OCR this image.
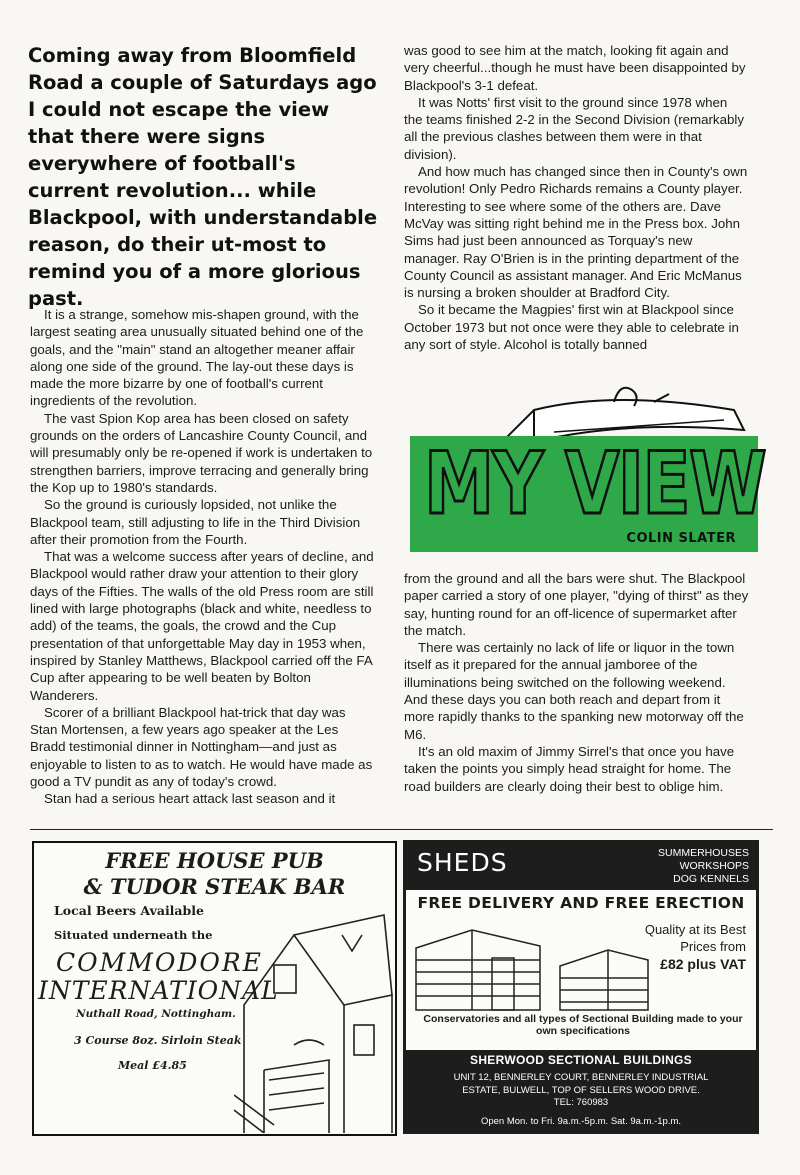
Coming away from Bloomfield Road a couple of Saturdays ago I could not escape the view that there were signs everywhere of football's current revolution... while Blackpool, with understandable reason, do their ut-most to remind you of a more glorious past.

It is a strange, somehow mis-shapen ground, with the largest seating area unusually situated behind one of the goals, and the "main" stand an altogether meaner affair along one side of the ground. The lay-out these days is made the more bizarre by one of football's current ingredients of the revolution.

The vast Spion Kop area has been closed on safety grounds on the orders of Lancashire County Council, and will presumably only be re-opened if work is undertaken to strengthen barriers, improve terracing and generally bring the Kop up to 1980's standards.

So the ground is curiously lopsided, not unlike the Blackpool team, still adjusting to life in the Third Division after their promotion from the Fourth.

That was a welcome success after years of decline, and Blackpool would rather draw your attention to their glory days of the Fifties. The walls of the old Press room are still lined with large photographs (black and white, needless to add) of the teams, the goals, the crowd and the Cup presentation of that unforgettable May day in 1953 when, inspired by Stanley Matthews, Blackpool carried off the FA Cup after appearing to be well beaten by Bolton Wanderers.

Scorer of a brilliant Blackpool hat-trick that day was Stan Mortensen, a few years ago speaker at the Les Bradd testimonial dinner in Nottingham—and just as enjoyable to listen to as to watch. He would have made as good a TV pundit as any of today's crowd.

Stan had a serious heart attack last season and it

was good to see him at the match, looking fit again and very cheerful...though he must have been disappointed by Blackpool's 3-1 defeat.

It was Notts' first visit to the ground since 1978 when the teams finished 2-2 in the Second Division (remarkably all the previous clashes between them were in that division).

And how much has changed since then in County's own revolution! Only Pedro Richards remains a County player. Interesting to see where some of the others are. Dave McVay was sitting right behind me in the Press box. John Sims had just been announced as Torquay's new manager. Ray O'Brien is in the printing department of the County Council as assistant manager. And Eric McManus is nursing a broken shoulder at Bradford City.

So it became the Magpies' first win at Blackpool since October 1973 but not once were they able to celebrate in any sort of style. Alcohol is totally banned

MY VIEW
COLIN SLATER

from the ground and all the bars were shut. The Blackpool paper carried a story of one player, "dying of thirst" as they say, hunting round for an off-licence of supermarket after the match.

There was certainly no lack of life or liquor in the town itself as it prepared for the annual jamboree of the illuminations being switched on the following weekend. And these days you can both reach and depart from it more rapidly thanks to the spanking new motorway off the M6.

It's an old maxim of Jimmy Sirrel's that once you have taken the points you simply head straight for home. The road builders are clearly doing their best to oblige him.

FREE HOUSE PUB
& TUDOR STEAK BAR
Local Beers Available
Situated underneath the
COMMODORE
INTERNATIONAL
Nuthall Road, Nottingham.
3 Course 8oz. Sirloin Steak
Meal £4.85
SHEDS	SUMMERHOUSES
WORKSHOPS
DOG KENNELS
FREE DELIVERY AND FREE ERECTION
Quality at its Best
Prices from
£82 plus VAT
Conservatories and all types of Sectional Building made to your own specifications
SHERWOOD SECTIONAL BUILDINGS
UNIT 12, BENNERLEY COURT, BENNERLEY INDUSTRIAL
ESTATE, BULWELL, TOP OF SELLERS WOOD DRIVE.
TEL: 760983
Open Mon. to Fri. 9a.m.-5p.m. Sat. 9a.m.-1p.m.
